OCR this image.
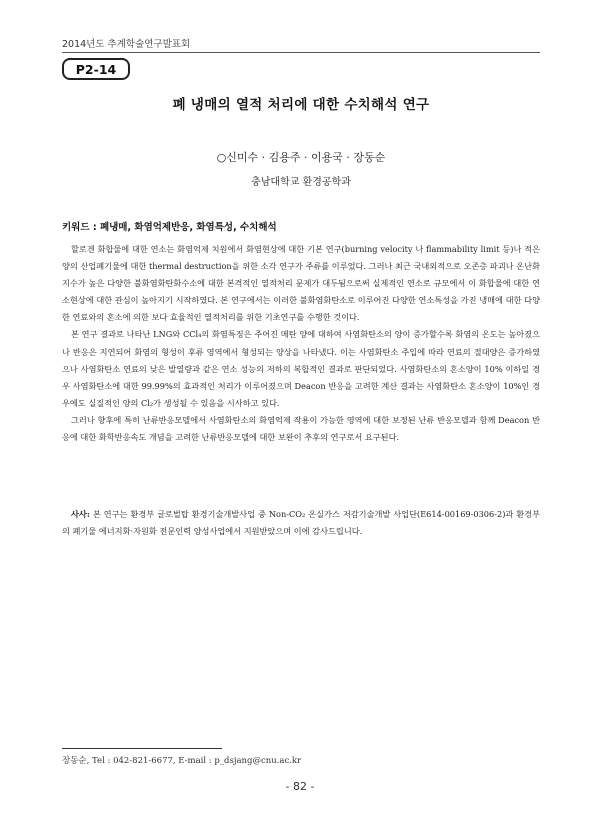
2014년도 추계학술연구발표회
P2-14
폐 냉매의 열적 처리에 대한 수치해석 연구
○신미수 · 김용주 · 이용국 · 장동순
충남대학교 환경공학과
키워드 : 폐냉매, 화염억제반응, 화염특성, 수치해석

할로겐 화합물에 대한 연소는 화염억제 치원에서 화염현상에 대한 기본 연구(burning velocity 나 flammability limit 등)나 적은 양의 산업폐기물에 대한 thermal destruction을 위한 소각 연구가 주류를 이루었다. 그러나 최근 국내외적으로 오존층 파괴나 온난화지수가 높은 다양한 불화염화탄화수소에 대한 본격적인 열적처리 문제가 대두됨으로써 실제적인 연소로 규모에서 이 화합물에 대한 연소현상에 대한 관심이 높아지기 시작하였다. 본 연구에서는 이러한 불화염화탄소로 이루어진 다양한 연소특성을 가진 냉매에 대한 다양한 연료와의 혼소에 의한 보다 효율적인 열적처리를 위한 기초연구를 수행한 것이다.

본 연구 결과로 나타난 LNG와 CCl₄의 화염특징은 주어진 메탄 양에 대하여 사염화탄소의 양이 증가할수록 화염의 온도는 높아졌으나 반응은 지연되어 화염의 형성이 후류 영역에서 형성되는 양상을 나타냈다. 이는 사염화탄소 주입에 따라 연료의 절대양은 증가하였으나 사염화탄소 연료의 낮은 발열량과 같은 연소 성능의 저하의 복합적인 결과로 판단되었다. 사염화탄소의 혼소양이 10% 이하일 경우 사염화탄소에 대한 99.99%의 효과적인 처리가 이루어졌으며 Deacon 반응을 고려한 계산 결과는 사염화탄소 혼소양이 10%인 경우에도 실질적인 양의 Cl₂가 생성될 수 있음을 시사하고 있다.

그러나 향후에 특히 난류반응모델에서 사염화탄소의 화염억제 작용이 가능한 영역에 대한 보정된 난류 반응모델과 함께 Deacon 반응에 대한 화학반응속도 개념을 고려한 난류반응모델에 대한 보완이 추후의 연구로서 요구된다.

사사: 본 연구는 환경부 글로벌탑 환경기술개발사업 중 Non-CO₂ 온실가스 저감기술개발 사업단(E614-00169-0306-2)과 환경부의 폐기물 에너지화·자원화 전문인력 양성사업에서 지원받았으며 이에 감사드립니다.
장동순, Tel : 042-821-6677, E-mail : p_dsjang@cnu.ac.kr
- 82 -
